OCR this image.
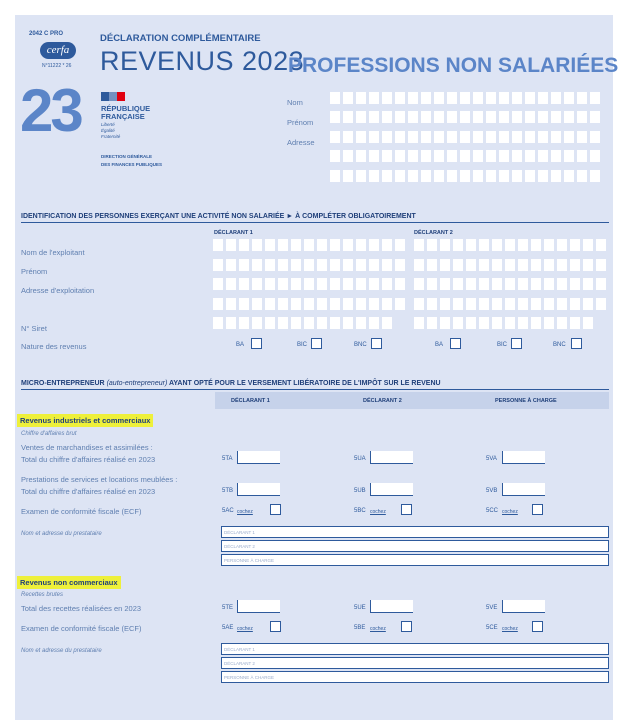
2042 C PRO
cerfa
N°11222 * 26
DÉCLARATION COMPLÉMENTAIRE
REVENUS 2023
PROFESSIONS NON SALARIÉES
23	RÉPUBLIQUE
FRANÇAISE
Liberté
Égalité
Fraternité
DIRECTION GÉNÉRALE
DES FINANCES PUBLIQUES
Nom
Prénom
Adresse
IDENTIFICATION DES PERSONNES EXERÇANT UNE ACTIVITÉ NON SALARIÉE ► À COMPLÉTER OBLIGATOIREMENT
DÉCLARANT 1	DÉCLARANT 2
Nom de l'exploitant
Prénom
Adresse d'exploitation
N° Siret
Nature des revenus	BA	BIC	BNC	BA	BIC	BNC
MICRO-ENTREPRENEUR (auto-entrepreneur) AYANT OPTÉ POUR LE VERSEMENT LIBÉRATOIRE DE L'IMPÔT SUR LE REVENU
DÉCLARANT 1	DÉCLARANT 2	PERSONNE À CHARGE
Revenus industriels et commerciaux
Chiffre d'affaires brut
Ventes de marchandises et assimilées :
Total du chiffre d'affaires réalisé en 2023	5TA	5UA	5VA
Prestations de services et locations meublées :
Total du chiffre d'affaires réalisé en 2023	5TB	5UB	5VB
Examen de conformité fiscale (ECF)	5AC cochez	5BC cochez	5CC cochez
Nom et adresse du prestataire	DÉCLARANT 1
DÉCLARANT 2
PERSONNE À CHARGE
Revenus non commerciaux
Recettes brutes
Total des recettes réalisées en 2023	5TE	5UE	5VE
Examen de conformité fiscale (ECF)	5AE cochez	5BE cochez	5CE cochez
Nom et adresse du prestataire	DÉCLARANT 1
DÉCLARANT 2
PERSONNE À CHARGE
